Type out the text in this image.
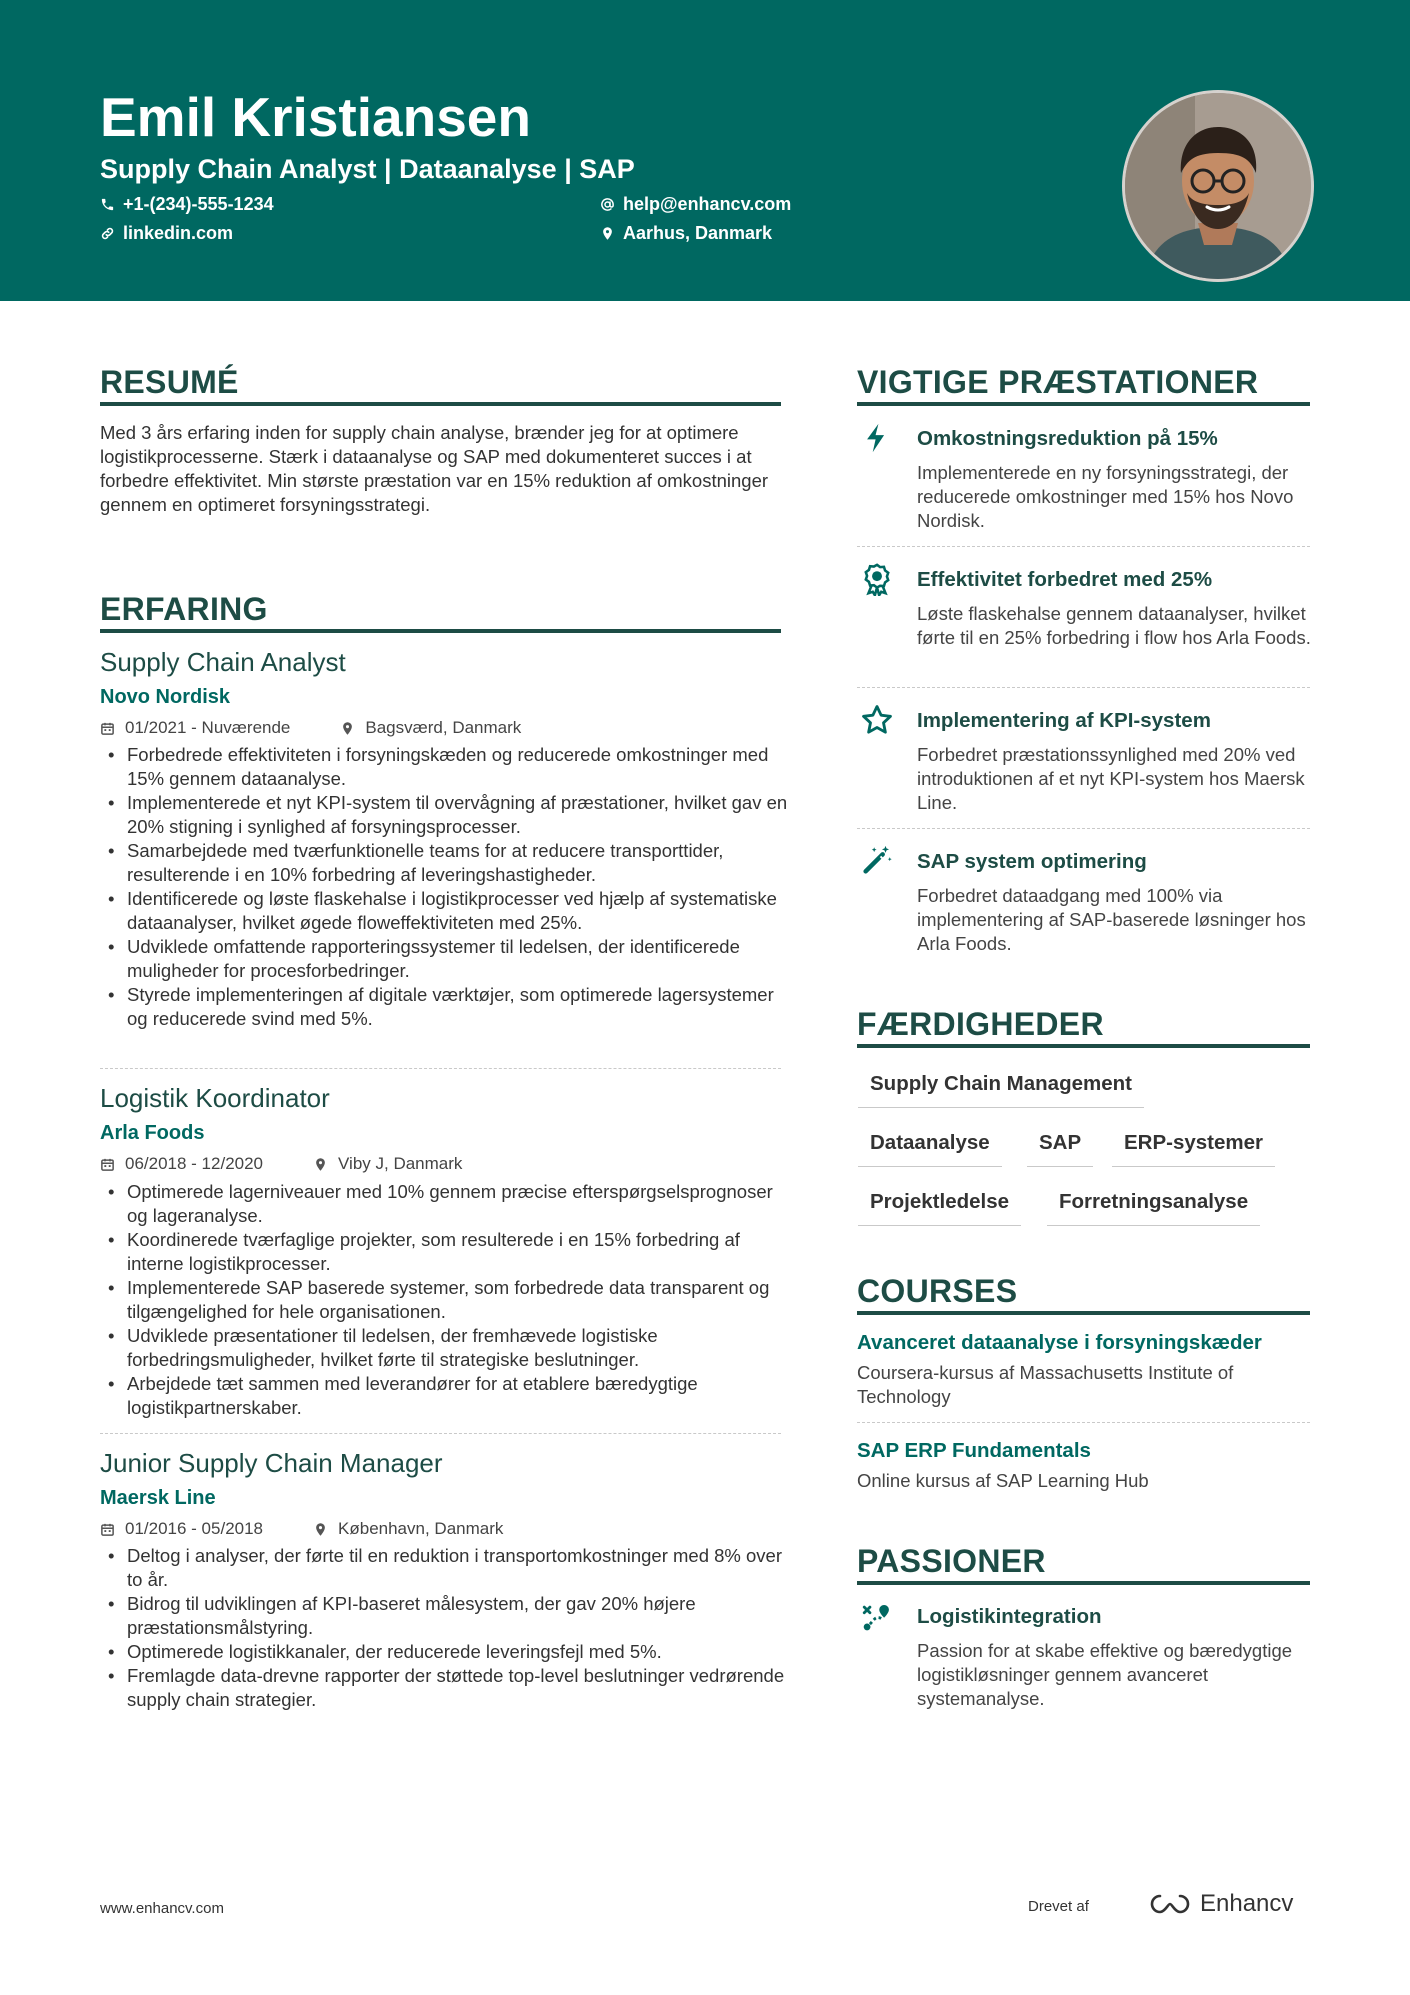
Emil Kristiansen
Supply Chain Analyst | Dataanalyse | SAP
+1-(234)-555-1234
linkedin.com
help@enhancv.com
Aarhus, Danmark
RESUMÉ
Med 3 års erfaring inden for supply chain analyse, brænder jeg for at optimere logistikprocesserne. Stærk i dataanalyse og SAP med dokumenteret succes i at forbedre effektivitet. Min største præstation var en 15% reduktion af omkostninger gennem en optimeret forsyningsstrategi.
ERFARING
Supply Chain Analyst
Novo Nordisk
01/2021 - Nuværende	Bagsværd, Danmark
• Forbedrede effektiviteten i forsyningskæden og reducerede omkostninger med 15% gennem dataanalyse.
• Implementerede et nyt KPI-system til overvågning af præstationer, hvilket gav en 20% stigning i synlighed af forsyningsprocesser.
• Samarbejdede med tværfunktionelle teams for at reducere transporttider, resulterende i en 10% forbedring af leveringshastigheder.
• Identificerede og løste flaskehalse i logistikprocesser ved hjælp af systematiske dataanalyser, hvilket øgede floweffektiviteten med 25%.
• Udviklede omfattende rapporteringssystemer til ledelsen, der identificerede muligheder for procesforbedringer.
• Styrede implementeringen af digitale værktøjer, som optimerede lagersystemer og reducerede svind med 5%.
Logistik Koordinator
Arla Foods
06/2018 - 12/2020	Viby J, Danmark
• Optimerede lagerniveauer med 10% gennem præcise efterspørgselsprognoser og lageranalyse.
• Koordinerede tværfaglige projekter, som resulterede i en 15% forbedring af interne logistikprocesser.
• Implementerede SAP baserede systemer, som forbedrede data transparent og tilgængelighed for hele organisationen.
• Udviklede præsentationer til ledelsen, der fremhævede logistiske forbedringsmuligheder, hvilket førte til strategiske beslutninger.
• Arbejdede tæt sammen med leverandører for at etablere bæredygtige logistikpartnerskaber.
Junior Supply Chain Manager
Maersk Line
01/2016 - 05/2018	København, Danmark
• Deltog i analyser, der førte til en reduktion i transportomkostninger med 8% over to år.
• Bidrog til udviklingen af KPI-baseret målesystem, der gav 20% højere præstationsmålstyring.
• Optimerede logistikkanaler, der reducerede leveringsfejl med 5%.
• Fremlagde data-drevne rapporter der støttede top-level beslutninger vedrørende supply chain strategier.
VIGTIGE PRÆSTATIONER
Omkostningsreduktion på 15%
Implementerede en ny forsyningsstrategi, der reducerede omkostninger med 15% hos Novo Nordisk.
Effektivitet forbedret med 25%
Løste flaskehalse gennem dataanalyser, hvilket førte til en 25% forbedring i flow hos Arla Foods.
Implementering af KPI-system
Forbedret præstationssynlighed med 20% ved introduktionen af et nyt KPI-system hos Maersk Line.
SAP system optimering
Forbedret dataadgang med 100% via implementering af SAP-baserede løsninger hos Arla Foods.
FÆRDIGHEDER
Supply Chain Management
Dataanalyse	SAP	ERP-systemer
Projektledelse	Forretningsanalyse
COURSES
Avanceret dataanalyse i forsyningskæder
Coursera-kursus af Massachusetts Institute of Technology
SAP ERP Fundamentals
Online kursus af SAP Learning Hub
PASSIONER
Logistikintegration
Passion for at skabe effektive og bæredygtige logistikløsninger gennem avanceret systemanalyse.
www.enhancv.com	Drevet af	Enhancv
